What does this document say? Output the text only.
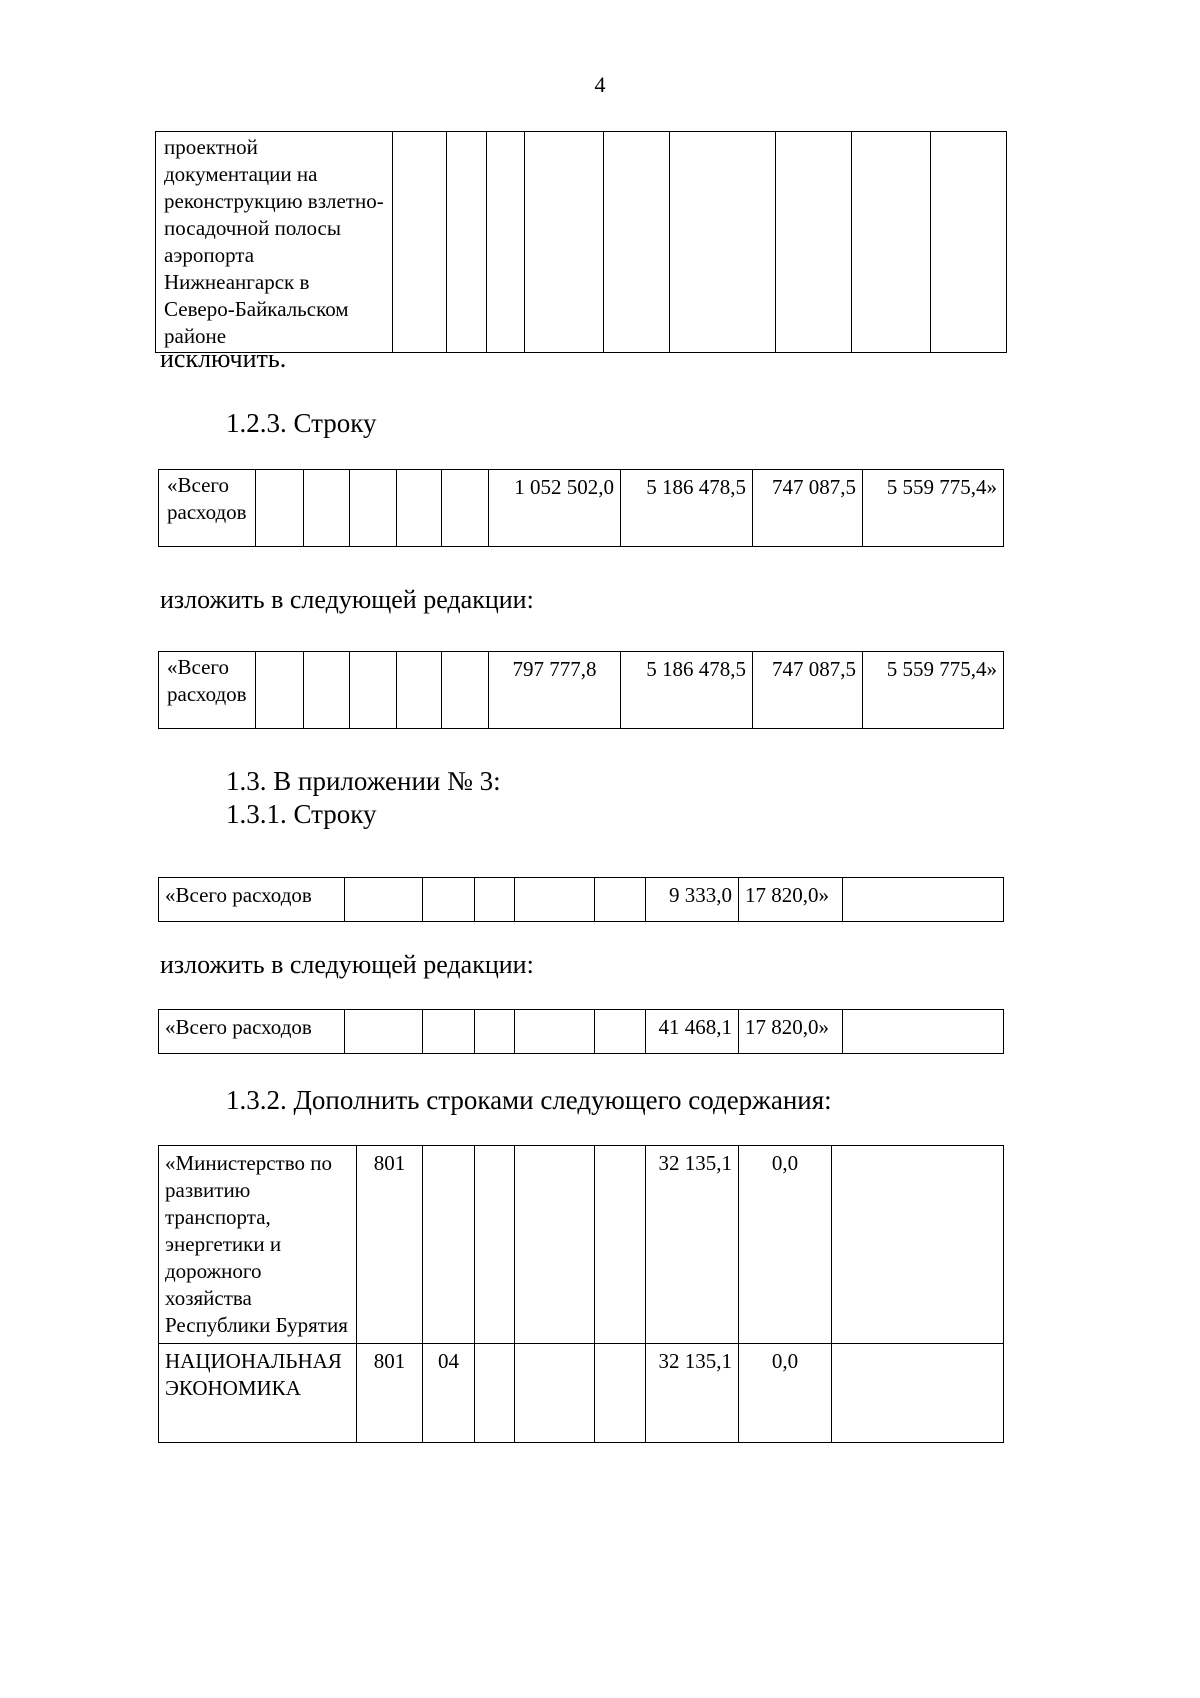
4
проектной документации на реконструкцию взлетно-посадочной полосы аэропорта Нижнеангарск в Северо-Байкальском районе									

исключить.

1.2.3. Строку

«Всего расходов						1 052 502,0	5 186 478,5	747 087,5	5 559 775,4»

изложить в следующей редакции:

«Всего расходов						797 777,8	5 186 478,5	747 087,5	5 559 775,4»

1.3. В приложении № 3:

1.3.1. Строку

«Всего расходов						9 333,0	17 820,0»	

изложить в следующей редакции:

«Всего расходов						41 468,1	17 820,0»	

1.3.2. Дополнить строками следующего содержания:

«Министерство по развитию транспорта, энергетики и дорожного хозяйства Республики Бурятия	801					32 135,1	0,0	
НАЦИОНАЛЬНАЯ ЭКОНОМИКА	801	04				32 135,1	0,0	
